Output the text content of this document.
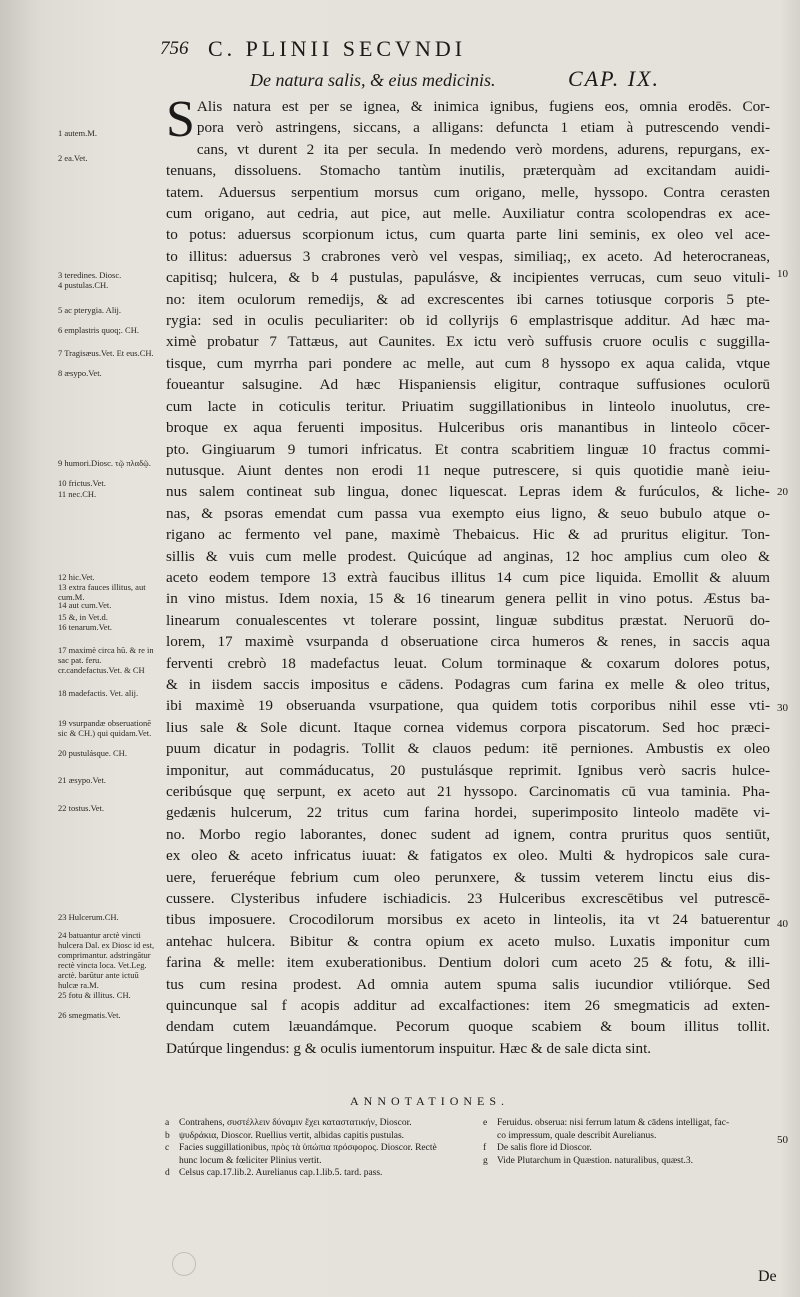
756 C. PLINII SECVNDI
De natura salis, & eius medicinis.	CAP. IX.
1 autem.M.
2 ea.Vet.
3 teredines. Diosc.
4 pustulas.CH.
5 ac pterygia. Alij.
6 emplastris quoq;. CH.
7 Tragisæus.Vet. Et eus.CH.
8 æsypo.Vet.
9 humori.Diosc. τῷ πλαδῷ.
10 frictus.Vet.
11 nec.CH.
12 hic.Vet.
13 extra fauces illitus, aut cum.M.
14 aut cum.Vet.
15 &, in Vet.d.
16 tenarum.Vet.
17 maximè circa hū. & re in sac pat. feru. cr.candefactus.Vet. & CH
18 madefactis. Vet. alij.
19 vsurpandæ obseruationē sic & CH.) qui quidam.Vet.
20 pustulásque. CH.
21 æsypo.Vet.
22 tostus.Vet.
23 Hulcerum.CH.
24 batuantur arctè vincti hulcera Dal. ex Diosc id est, comprimantur. adstringātur rectè vincta loca. Vet.Leg. arctè. barūtur ante ictuū hulcæ ra.M.
25 fotu & illitus. CH.
26 smegmatis.Vet.
S Alis natura est per se ignea, & inimica ignibus, fugiens eos, omnia erodēs. Cor-
pora verò astringens, siccans, a alligans: defuncta 1 etiam à putrescendo vendi-
cans, vt durent 2 ita per secula. In medendo verò mordens, adurens, repurgans, ex-
tenuans, dissoluens. Stomacho tantùm inutilis, præterquàm ad excitandam auidi-
tatem. Aduersus serpentium morsus cum origano, melle, hyssopo. Contra cerasten
cum origano, aut cedria, aut pice, aut melle. Auxiliatur contra scolopendras ex ace-
to potus: aduersus scorpionum ictus, cum quarta parte lini seminis, ex oleo vel ace-
to illitus: aduersus 3 crabrones verò vel vespas, similiaq;, ex aceto. Ad heterocraneas,
capitisq; hulcera, & b 4 pustulas, papulásve, & incipientes verrucas, cum seuo vituli-
no: item oculorum remedijs, & ad excrescentes ibi carnes totiusque corporis 5 pte-
rygia: sed in oculis peculiariter: ob id collyrijs 6 emplastrisque additur. Ad hæc ma-
ximè probatur 7 Tattæus, aut Caunites. Ex ictu verò suffusis cruore oculis c suggilla-
tisque, cum myrrha pari pondere ac melle, aut cum 8 hyssopo ex aqua calida, vtque
foueantur salsugine. Ad hæc Hispaniensis eligitur, contraque suffusiones oculorū
cum lacte in coticulis teritur. Priuatim suggillationibus in linteolo inuolutus, cre-
broque ex aqua feruenti impositus. Hulceribus oris manantibus in linteolo cōcer-
pto. Gingiuarum 9 tumori infricatus. Et contra scabritiem linguæ 10 fractus commi-
nutusque. Aiunt dentes non erodi 11 neque putrescere, si quis quotidie manè ieiu-
nus salem contineat sub lingua, donec liquescat. Lepras idem & furúculos, & liche-
nas, & psoras emendat cum passa vua exempto eius ligno, & seuo bubulo atque o-
rigano ac fermento vel pane, maximè Thebaicus. Hic & ad pruritus eligitur. Ton-
sillis & vuis cum melle prodest. Quicúque ad anginas, 12 hoc amplius cum oleo &
aceto eodem tempore 13 extrà faucibus illitus 14 cum pice liquida. Emollit & aluum
in vino mistus. Idem noxia, 15 & 16 tinearum genera pellit in vino potus. Æstus ba-
linearum conualescentes vt tolerare possint, linguæ subditus præstat. Neruorū do-
lorem, 17 maximè vsurpanda d obseruatione circa humeros & renes, in saccis aqua
ferventi crebrò 18 madefactus leuat. Colum torminaque & coxarum dolores potus,
& in iisdem saccis impositus e cādens. Podagras cum farina ex melle & oleo tritus,
ibi maximè 19 obseruanda vsurpatione, qua quidem totis corporibus nihil esse vti-
lius sale & Sole dicunt. Itaque cornea videmus corpora piscatorum. Sed hoc præci-
puum dicatur in podagris. Tollit & clauos pedum: itē perniones. Ambustis ex oleo
imponitur, aut commáducatus, 20 pustulásque reprimit. Ignibus verò sacris hulce-
ceribúsque quę serpunt, ex aceto aut 21 hyssopo. Carcinomatis cū vua taminia. Pha-
gedænis hulcerum, 22 tritus cum farina hordei, superimposito linteolo madēte vi-
no. Morbo regio laborantes, donec sudent ad ignem, contra pruritus quos sentiūt,
ex oleo & aceto infricatus iuuat: & fatigatos ex oleo. Multi & hydropicos sale cura-
uere, ferueréque febrium cum oleo perunxere, & tussim veterem linctu eius dis-
cussere. Clysteribus infudere ischiadicis. 23 Hulceribus excrescētibus vel putrescē-
tibus imposuere. Crocodilorum morsibus ex aceto in linteolis, ita vt 24 batuerentur
antehac hulcera. Bibitur & contra opium ex aceto mulso. Luxatis imponitur cum
farina & melle: item exuberationibus. Dentium dolori cum aceto 25 & fotu, & illi-
tus cum resina prodest. Ad omnia autem spuma salis iucundior vtiliórque. Sed
quincunque sal f acopis additur ad excalfactiones: item 26 smegmaticis ad exten-
dendam cutem læuandámque. Pecorum quoque scabiem & boum illitus tollit.
Datúrque lingendus: g & oculis iumentorum inspuitur. Hæc & de sale dicta sint.
10
20
30
40
50
ANNOTATIONES.
a Contrahens, συστέλλειν δύναμιν ἔχει καταστατικήν, Dioscor.
b ψυδράκια, Dioscor. Ruellius vertit, albidas capitis pustulas.
c Facies suggillationibus, πρὸς τὰ ὑπώπια πρόσφορος. Dioscor. Rectè
hunc locum & fœliciter Plinius vertit.
d Celsus cap.17.lib.2. Aurelianus cap.1.lib.5. tard. pass.
e Feruidus. obserua: nisi ferrum latum & cādens intelligat, fac-
co impressum, quale describit Aurelianus.
f De salis flore id Dioscor.
g Vide Plutarchum in Quæstion. naturalibus, quæst.3.
De
